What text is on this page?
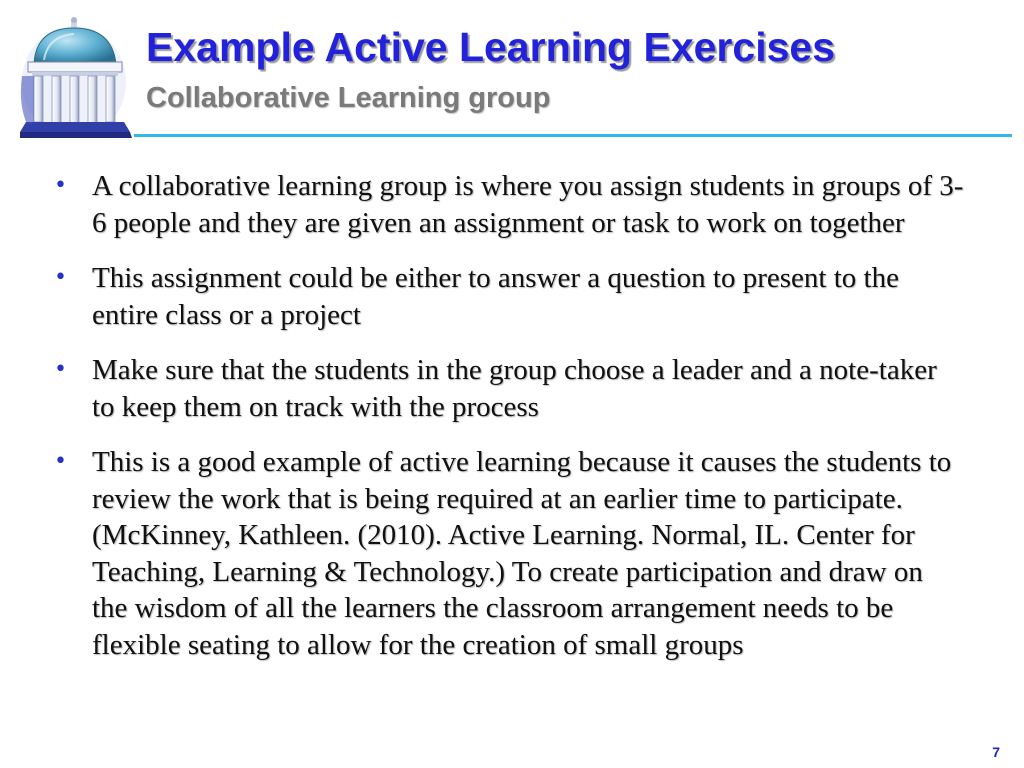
Example Active Learning Exercises
Collaborative Learning group
• A collaborative learning group is where you assign students in groups of 3-6 people and they are given an assignment or task to work on together
• This assignment could be either to answer a question to present to the entire class or a project
• Make sure that the students in the group choose a leader and a note-taker to keep them on track with the process
• This is a good example of active learning because it causes the students to review the work that is being required at an earlier time to participate. (McKinney, Kathleen. (2010). Active Learning. Normal, IL. Center for Teaching, Learning & Technology.) To create participation and draw on the wisdom of all the learners the classroom arrangement needs to be flexible seating to allow for the creation of small groups
7
